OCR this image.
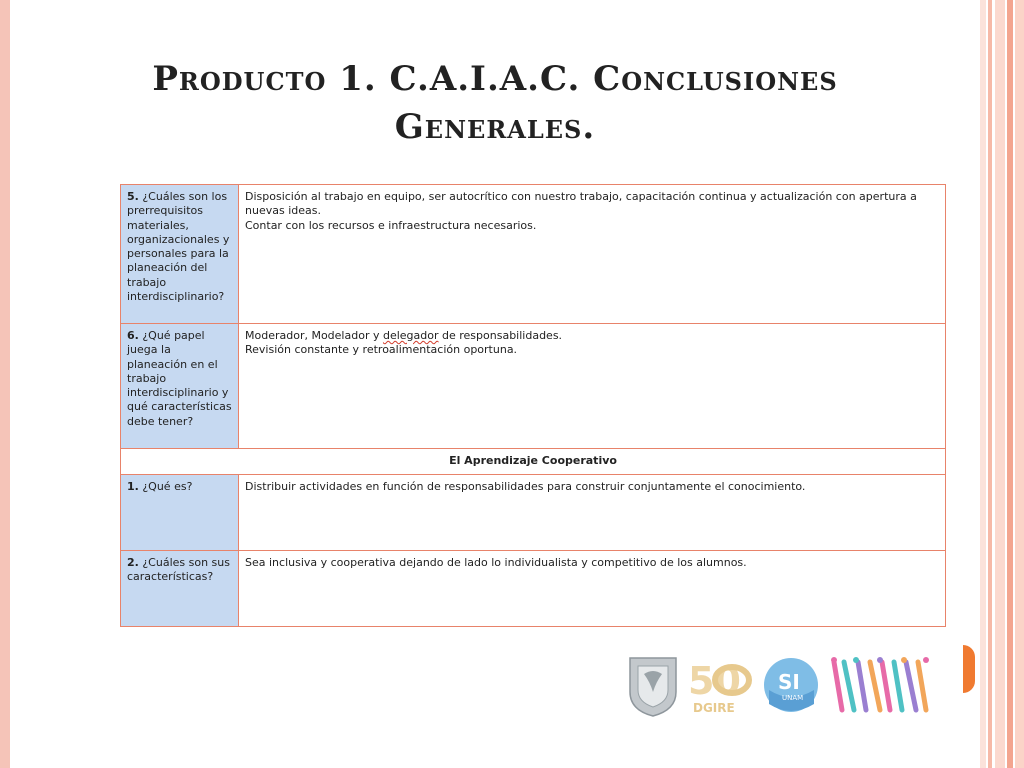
Producto 1. C.A.I.A.C. Conclusiones
Generales.
5. ¿Cuáles son los prerrequisitos materiales, organizacionales y personales para la planeación del trabajo interdisciplinario?	Disposición al trabajo en equipo, ser autocrítico con nuestro trabajo, capacitación continua y actualización con apertura a nuevas ideas.
Contar con los recursos e infraestructura necesarios.

6. ¿Qué papel juega la planeación en el trabajo interdisciplinario y qué características debe tener?	Moderador, Modelador y delegador de responsabilidades.
Revisión constante y retroalimentación oportuna.

El Aprendizaje Cooperativo	
1. ¿Qué es?	Distribuir actividades en función de responsabilidades para construir conjuntamente el conocimiento.
2. ¿Cuáles son sus características?	Sea inclusiva y cooperativa dejando de lado lo individualista y competitivo de los alumnos.
50
DGIRE
SI
UNAM
